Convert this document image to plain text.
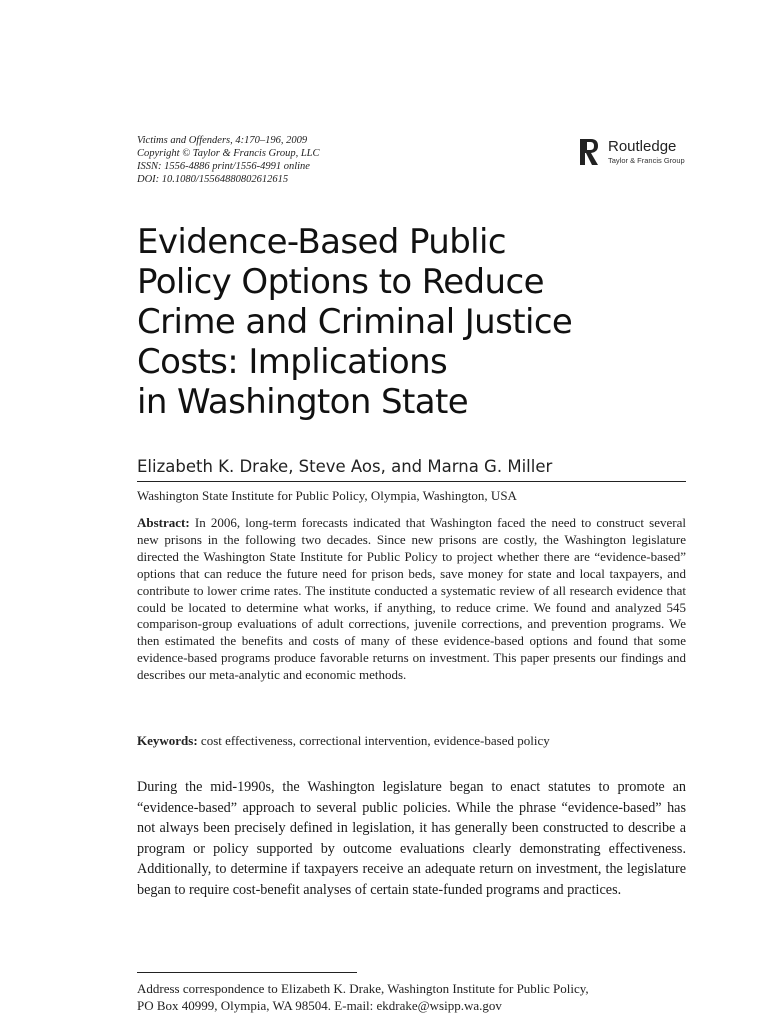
Victims and Offenders, 4:170–196, 2009
Copyright © Taylor & Francis Group, LLC
ISSN: 1556-4886 print/1556-4991 online
DOI: 10.1080/15564880802612615
Routledge
Taylor & Francis Group
Evidence-Based Public
Policy Options to Reduce
Crime and Criminal Justice
Costs: Implications
in Washington State
Elizabeth K. Drake, Steve Aos, and Marna G. Miller
Washington State Institute for Public Policy, Olympia, Washington, USA

Abstract: In 2006, long-term forecasts indicated that Washington faced the need to construct several new prisons in the following two decades. Since new prisons are costly, the Washington legislature directed the Washington State Institute for Public Policy to project whether there are “evidence-based” options that can reduce the future need for prison beds, save money for state and local taxpayers, and contribute to lower crime rates. The institute conducted a systematic review of all research evidence that could be located to determine what works, if anything, to reduce crime. We found and analyzed 545 comparison-group evaluations of adult corrections, juvenile corrections, and prevention programs. We then estimated the benefits and costs of many of these evidence-based options and found that some evidence-based programs produce favorable returns on investment. This paper presents our findings and describes our meta-analytic and economic methods.

Keywords: cost effectiveness, correctional intervention, evidence-based policy

During the mid-1990s, the Washington legislature began to enact statutes to promote an “evidence-based” approach to several public policies. While the phrase “evidence-based” has not always been precisely defined in legislation, it has generally been constructed to describe a program or policy supported by outcome evaluations clearly demonstrating effectiveness. Additionally, to determine if taxpayers receive an adequate return on investment, the legislature began to require cost-benefit analyses of certain state-funded programs and practices.

Address correspondence to Elizabeth K. Drake, Washington Institute for Public Policy,
PO Box 40999, Olympia, WA 98504. E-mail: ekdrake@wsipp.wa.gov
